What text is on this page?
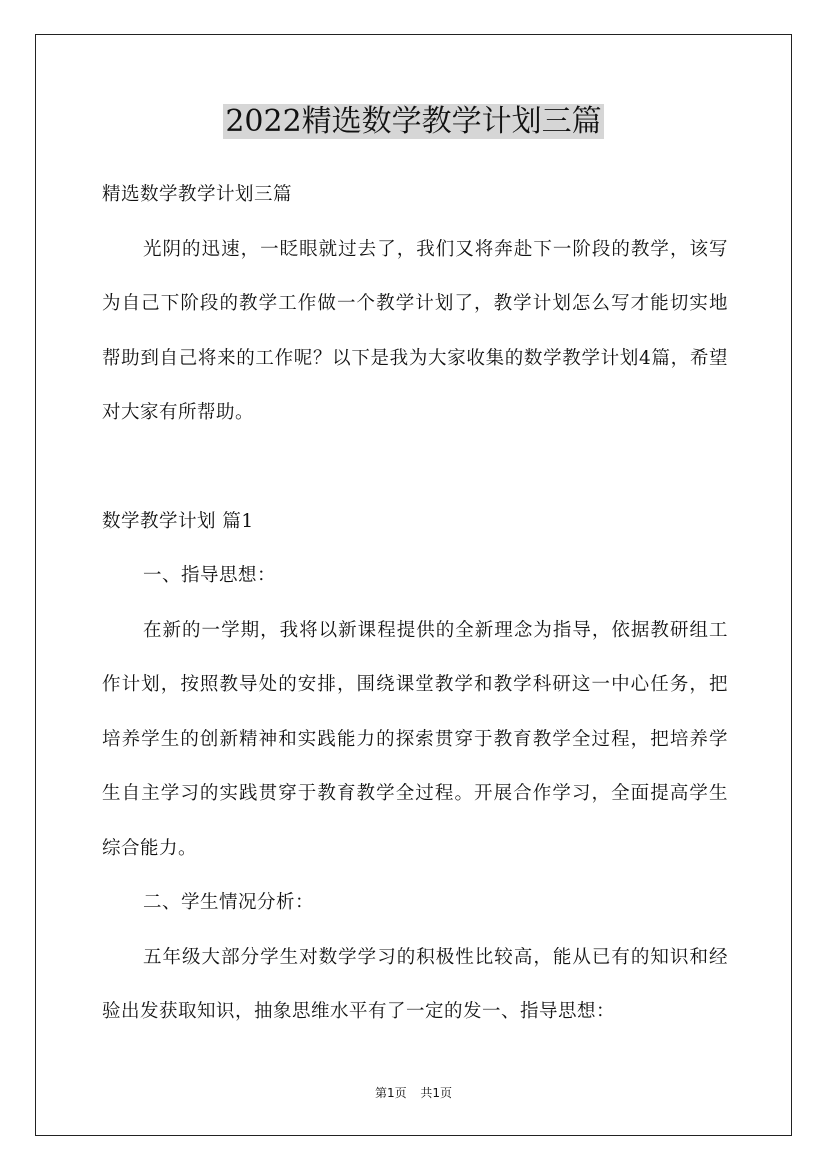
2022精选数学教学计划三篇

精选数学教学计划三篇

光阴的迅速，一眨眼就过去了，我们又将奔赴下一阶段的教学，该写为自己下阶段的教学工作做一个教学计划了，教学计划怎么写才能切实地帮助到自己将来的工作呢？以下是我为大家收集的数学教学计划4篇，希望对大家有所帮助。

数学教学计划 篇1

一、指导思想：

在新的一学期，我将以新课程提供的全新理念为指导，依据教研组工作计划，按照教导处的安排，围绕课堂教学和教学科研这一中心任务，把培养学生的创新精神和实践能力的探索贯穿于教育教学全过程，把培养学生自主学习的实践贯穿于教育教学全过程。开展合作学习，全面提高学生综合能力。

二、学生情况分析：

五年级大部分学生对数学学习的积极性比较高，能从已有的知识和经验出发获取知识，抽象思维水平有了一定的发一、指导思想：

第1页 共1页
